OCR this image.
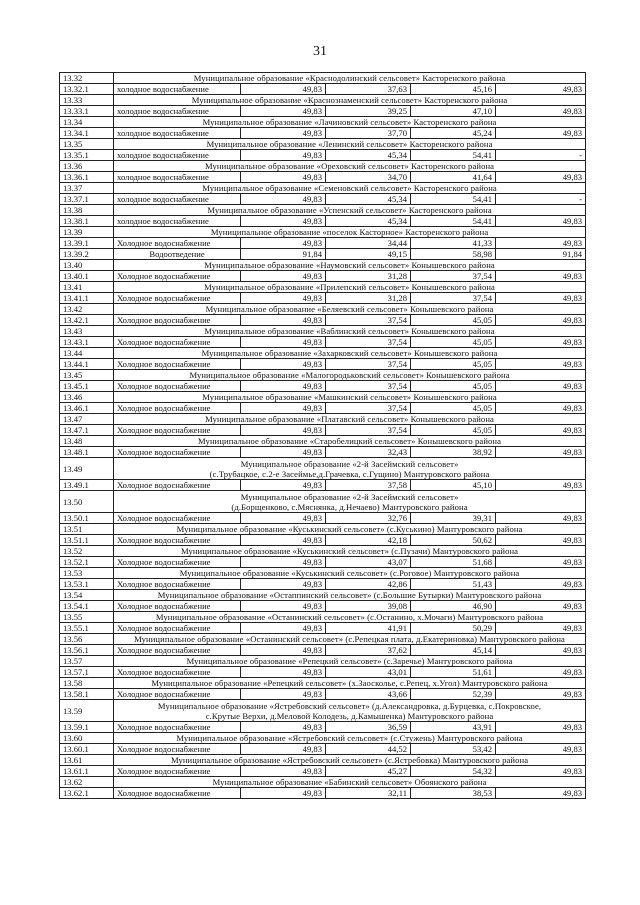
31
13.32	Муниципальное образование «Краснодолинский сельсовет» Касторенского района				

13.32.1	холодное водоснабжение	49,83	37,63	45,16	49,83
13.33	Муниципальное образование «Краснознаменский сельсовет» Касторенского района				

13.33.1	холодное водоснабжение	49,83	39,25	47,10	49,83
13.34	Муниципальное образование «Лачиновский сельсовет» Касторенского района				

13.34.1	холодное водоснабжение	49,83	37,70	45,24	49,83
13.35	Муниципальное образование «Ленинский сельсовет» Касторенского района				

13.35.1	холодное водоснабжение	49,83	45,34	54,41	-
13.36	Муниципальное образование «Ореховский сельсовет» Касторенского района				

13.36.1	холодное водоснабжение	49,83	34,70	41,64	49,83
13.37	Муниципальное образование «Семеновский сельсовет» Касторенского района				

13.37.1	холодное водоснабжение	49,83	45,34	54,41	-
13.38	Муниципальное образование «Успенский сельсовет» Касторенского района				

13.38.1	холодное водоснабжение	49,83	45,34	54,41	49,83
13.39	Муниципальное образование «поселок Касторное» Касторенского района				

13.39.1	Холодное водоснабжение	49,83	34,44	41,33	49,83
13.39.2	Водоотведение	91,84	49,15	58,98	91,84
13.40	Муниципальное образование «Наумовский сельсовет» Конышевского района				

13.40.1	Холодное водоснабжение	49,83	31,28	37,54	49,83
13.41	Муниципальное образование «Прилепский сельсовет» Конышевского района				

13.41.1	Холодное водоснабжение	49,83	31,28	37,54	49,83
13.42	Муниципальное образование «Беляевский сельсовет» Конышевского района				

13.42.1	Холодное водоснабжение	49,83	37,54	45,05	49,83
13.43	Муниципальное образование «Ваблинский сельсовет» Конышевского района				

13.43.1	Холодное водоснабжение	49,83	37,54	45,05	49,83
13.44	Муниципальное образование «Захарковский сельсовет» Конышевского района				

13.44.1	Холодное водоснабжение	49,83	37,54	45,05	49,83
13.45	Муниципальное образование «Малогородьковский сельсовет» Конышевского района				

13.45.1	Холодное водоснабжение	49,83	37,54	45,05	49,83
13.46	Муниципальное образование «Машкинский сельсовет» Конышевского района				

13.46.1	Холодное водоснабжение	49,83	37,54	45,05	49,83
13.47	Муниципальное образование «Платавский сельсовет» Конышевского района				

13.47.1	Холодное водоснабжение	49,83	37,54	45,05	49,83
13.48	Муниципальное образование «Старобелицкий сельсовет» Конышевского района				

13.48.1	Холодное водоснабжение	49,83	32,43	38,92	49,83
13.49	Муниципальное образование «2-й Засеймский сельсовет»
(с.Трубацкое, с.2-е Засеймье,д.Грачевка, с.Гущино) Мантуровского района				

13.49.1	Холодное водоснабжение	49,83	37,58	45,10	49,83
13.50	Муниципальное образование «2-й Засеймский сельсовет»
(д.Борщенково, с.Мяснянка, д.Нечаево) Мантуровского района				

13.50.1	Холодное водоснабжение	49,83	32,76	39,31	49,83
13.51	Муниципальное образование «Куськинский сельсовет» (с.Куськино) Мантуровского района				

13.51.1	Холодное водоснабжение	49,83	42,18	50,62	49,83
13.52	Муниципальное образование «Куськинский сельсовет» (с.Пузачи) Мантуровского района				

13.52.1	Холодное водоснабжение	49,83	43,07	51,68	49,83
13.53	Муниципальное образование «Куськинский сельсовет» (с.Роговое) Мантуровского района				

13.53.1	Холодное водоснабжение	49,83	42,86	51,43	49,83
13.54	Муниципальное образование «Остаппинский сельсовет» (с.Большие Бутырки) Мантуровского района				

13.54.1	Холодное водоснабжение	49,83	39,08	46,90	49,83
13.55	Муниципальное образование «Останинский сельсовет» (с.Останино, х.Мочаги) Мантуровского района				

13.55.1	Холодное водоснабжение	49,83	41,91	50,29	49,83
13.56	Муниципальное образование «Останинский сельсовет» (с.Репецкая плата, д.Екатериновка) Мантуровского района				

13.56.1	Холодное водоснабжение	49,83	37,62	45,14	49,83
13.57	Муниципальное образование «Репецкий сельсовет» (с.Заречье) Мантуровского района				

13.57.1	Холодное водоснабжение	49,83	43,01	51,61	49,83
13.58	Муниципальное образование «Репецкий сельсовет» (х.Заосколье, с.Репец, х.Угол) Мантуровского района				

13.58.1	Холодное водоснабжение	49,83	43,66	52,39	49,83
13.59	Муниципальное образование «Ястребовский сельсовет» (д.Александровка, д.Бурцевка, с.Покровское,
с.Крутые Верхи, д.Меловой Колодезь, д.Камышенка) Мантуровского района				

13.59.1	Холодное водоснабжение	49,83	36,59	43,91	49,83
13.60	Муниципальное образование «Ястребовский сельсовет» (с.Стужень) Мантуровского района				

13.60.1	Холодное водоснабжение	49,83	44,52	53,42	49,83
13.61	Муниципальное образование «Ястребовский сельсовет» (с.Ястребовка) Мантуровского района				

13.61.1	Холодное водоснабжение	49,83	45,27	54,32	49,83
13.62	Муниципальное образование «Бабинский сельсовет» Обоянского района				

13.62.1	Холодное водоснабжение	49,83	32,11	38,53	49,83
